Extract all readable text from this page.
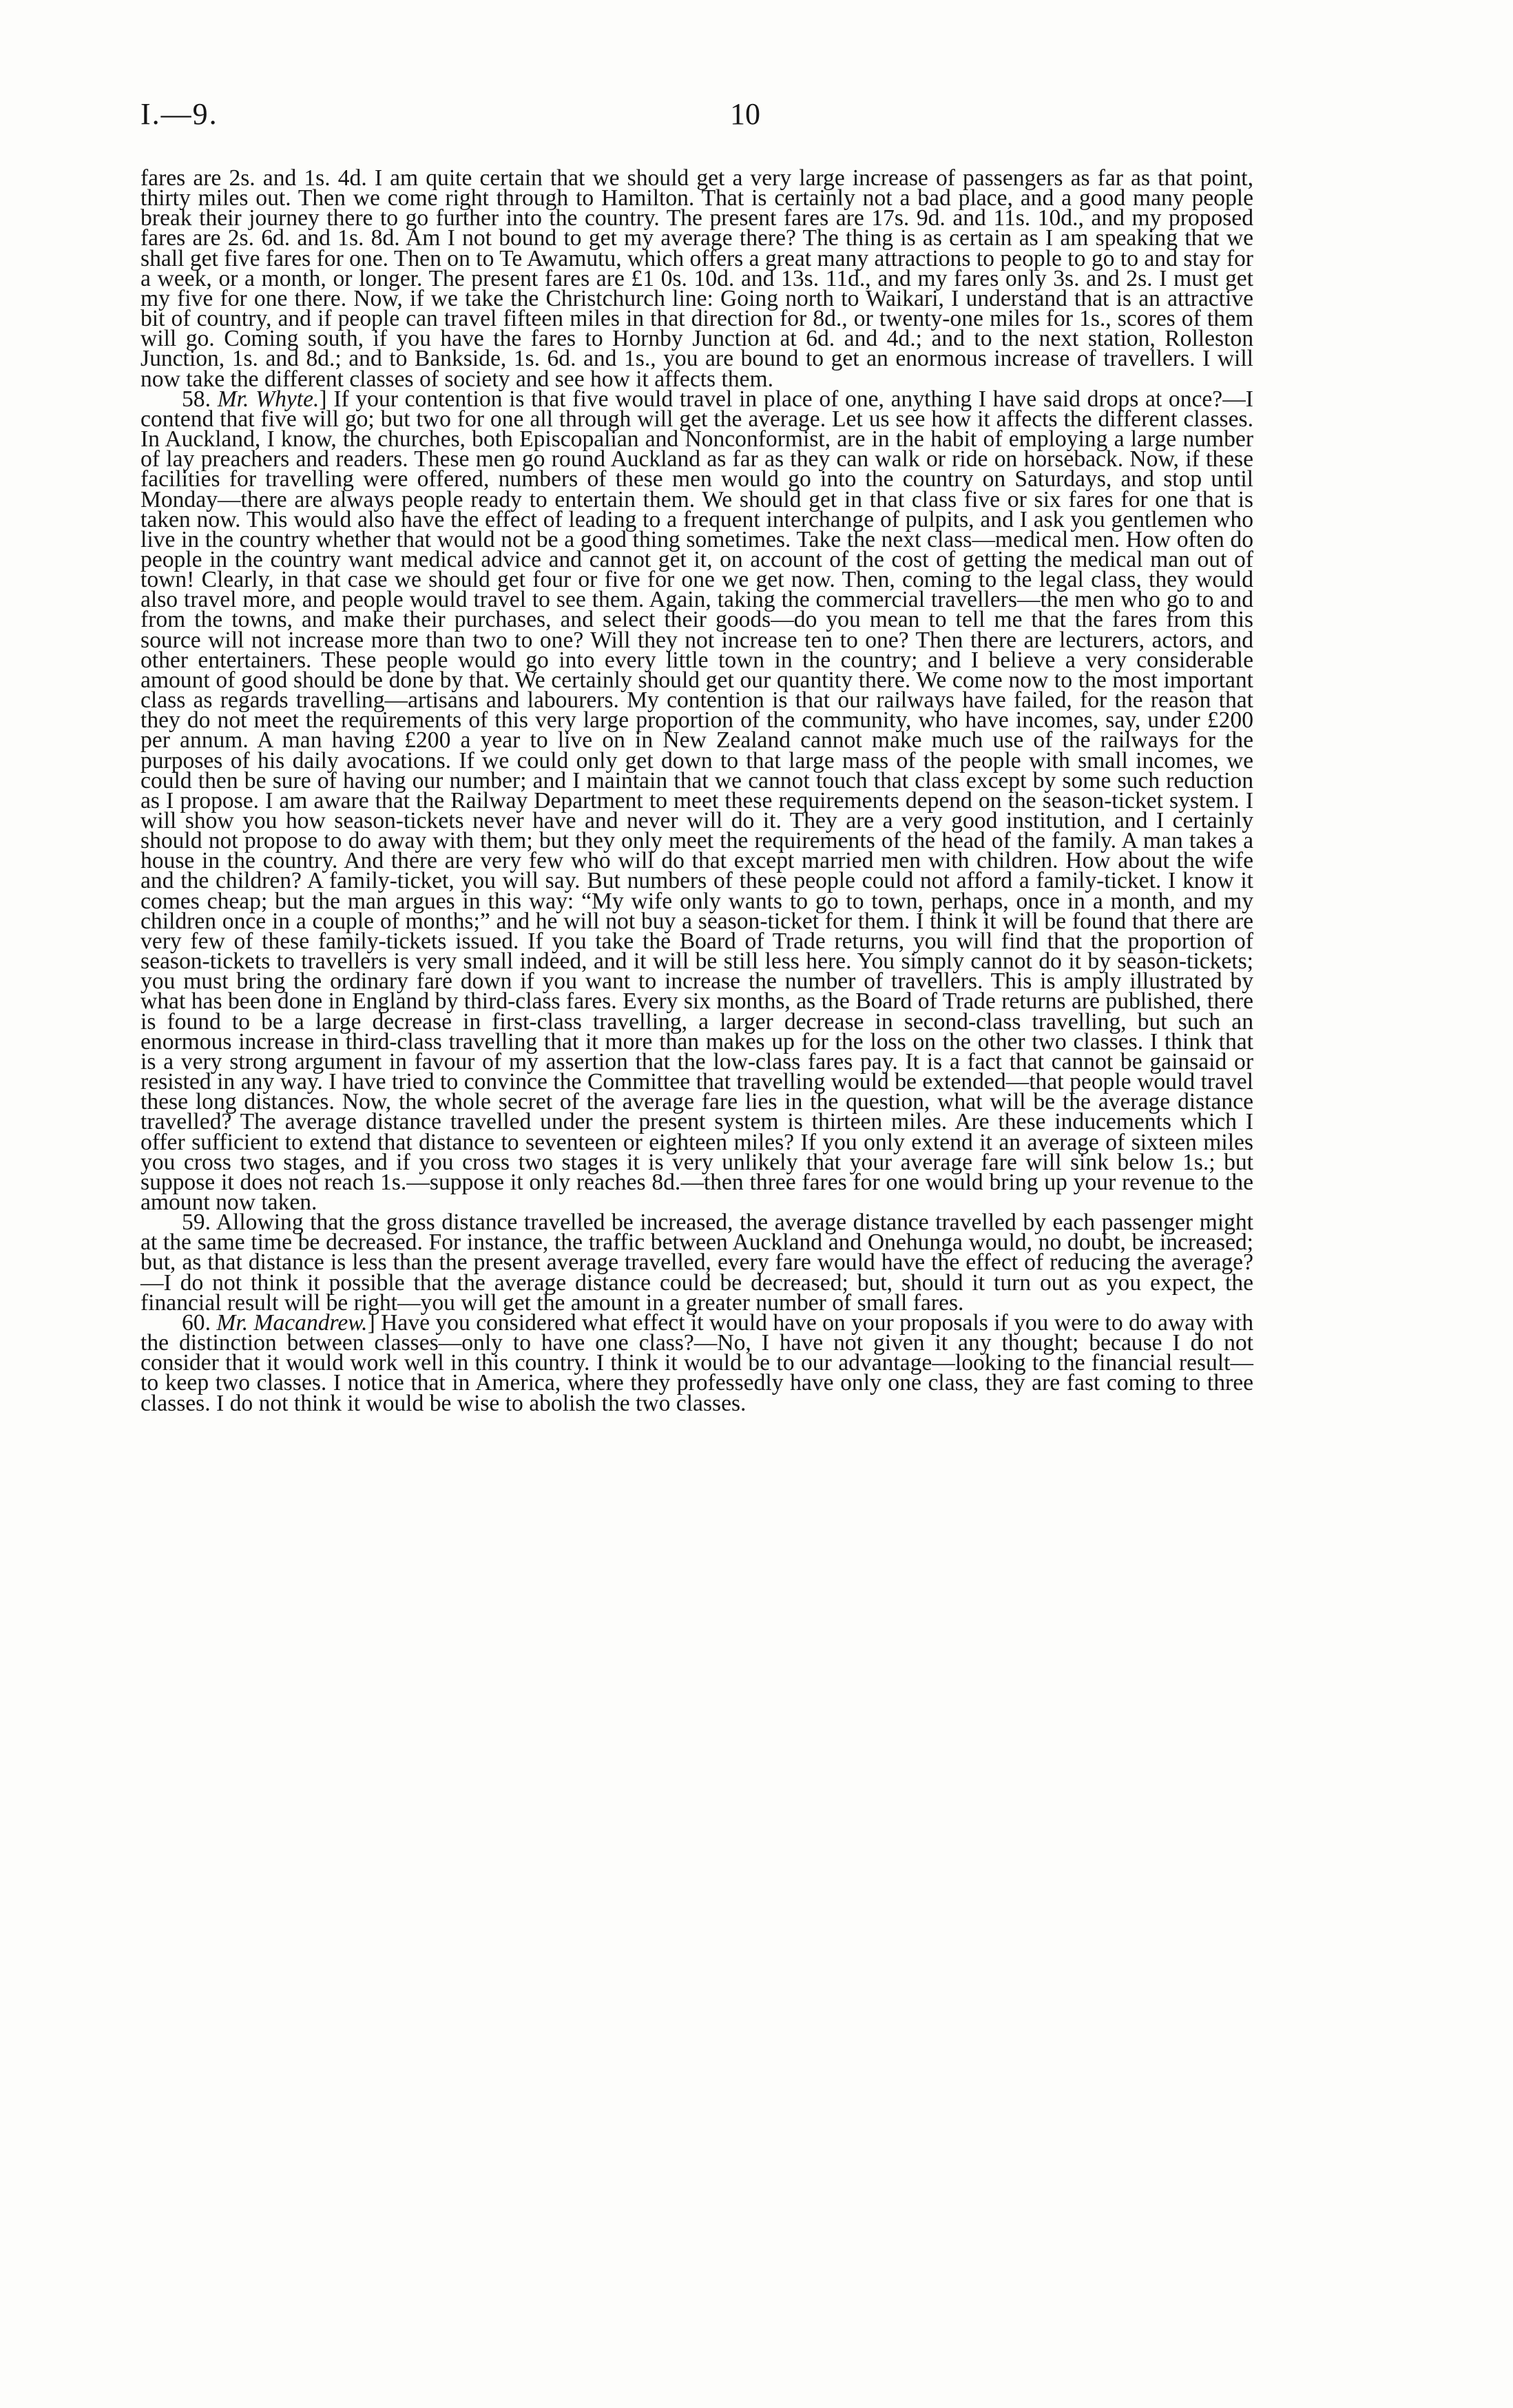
I.—9.	10

fares are 2s. and 1s. 4d. I am quite certain that we should get a very large increase of passengers as far as that point, thirty miles out. Then we come right through to Hamilton. That is certainly not a bad place, and a good many people break their journey there to go further into the country. The present fares are 17s. 9d. and 11s. 10d., and my proposed fares are 2s. 6d. and 1s. 8d. Am I not bound to get my average there? The thing is as certain as I am speaking that we shall get five fares for one. Then on to Te Awamutu, which offers a great many attractions to people to go to and stay for a week, or a month, or longer. The present fares are £1 0s. 10d. and 13s. 11d., and my fares only 3s. and 2s. I must get my five for one there. Now, if we take the Christchurch line: Going north to Waikari, I understand that is an attractive bit of country, and if people can travel fifteen miles in that direction for 8d., or twenty-one miles for 1s., scores of them will go. Coming south, if you have the fares to Hornby Junction at 6d. and 4d.; and to the next station, Rolleston Junction, 1s. and 8d.; and to Bankside, 1s. 6d. and 1s., you are bound to get an enormous increase of travellers. I will now take the different classes of society and see how it affects them.

58. Mr. Whyte.] If your contention is that five would travel in place of one, anything I have said drops at once?—I contend that five will go; but two for one all through will get the average. Let us see how it affects the different classes. In Auckland, I know, the churches, both Episcopalian and Nonconformist, are in the habit of employing a large number of lay preachers and readers. These men go round Auckland as far as they can walk or ride on horseback. Now, if these facilities for travelling were offered, numbers of these men would go into the country on Saturdays, and stop until Monday—there are always people ready to entertain them. We should get in that class five or six fares for one that is taken now. This would also have the effect of leading to a frequent interchange of pulpits, and I ask you gentlemen who live in the country whether that would not be a good thing sometimes. Take the next class—medical men. How often do people in the country want medical advice and cannot get it, on account of the cost of getting the medical man out of town! Clearly, in that case we should get four or five for one we get now. Then, coming to the legal class, they would also travel more, and people would travel to see them. Again, taking the commercial travellers—the men who go to and from the towns, and make their purchases, and select their goods—do you mean to tell me that the fares from this source will not increase more than two to one? Will they not increase ten to one? Then there are lecturers, actors, and other entertainers. These people would go into every little town in the country; and I believe a very considerable amount of good should be done by that. We certainly should get our quantity there. We come now to the most important class as regards travelling—artisans and labourers. My contention is that our railways have failed, for the reason that they do not meet the requirements of this very large proportion of the community, who have incomes, say, under £200 per annum. A man having £200 a year to live on in New Zealand cannot make much use of the railways for the purposes of his daily avocations. If we could only get down to that large mass of the people with small incomes, we could then be sure of having our number; and I maintain that we cannot touch that class except by some such reduction as I propose. I am aware that the Railway Department to meet these requirements depend on the season-ticket system. I will show you how season-tickets never have and never will do it. They are a very good institution, and I certainly should not propose to do away with them; but they only meet the requirements of the head of the family. A man takes a house in the country. And there are very few who will do that except married men with children. How about the wife and the children? A family-ticket, you will say. But numbers of these people could not afford a family-ticket. I know it comes cheap; but the man argues in this way: “My wife only wants to go to town, perhaps, once in a month, and my children once in a couple of months;” and he will not buy a season-ticket for them. I think it will be found that there are very few of these family-tickets issued. If you take the Board of Trade returns, you will find that the proportion of season-tickets to travellers is very small indeed, and it will be still less here. You simply cannot do it by season-tickets; you must bring the ordinary fare down if you want to increase the number of travellers. This is amply illustrated by what has been done in England by third-class fares. Every six months, as the Board of Trade returns are published, there is found to be a large decrease in first-class travelling, a larger decrease in second-class travelling, but such an enormous increase in third-class travelling that it more than makes up for the loss on the other two classes. I think that is a very strong argument in favour of my assertion that the low-class fares pay. It is a fact that cannot be gainsaid or resisted in any way. I have tried to convince the Committee that travelling would be extended—that people would travel these long distances. Now, the whole secret of the average fare lies in the question, what will be the average distance travelled? The average distance travelled under the present system is thirteen miles. Are these inducements which I offer sufficient to extend that distance to seventeen or eighteen miles? If you only extend it an average of sixteen miles you cross two stages, and if you cross two stages it is very unlikely that your average fare will sink below 1s.; but suppose it does not reach 1s.—suppose it only reaches 8d.—then three fares for one would bring up your revenue to the amount now taken.

59. Allowing that the gross distance travelled be increased, the average distance travelled by each passenger might at the same time be decreased. For instance, the traffic between Auckland and Onehunga would, no doubt, be increased; but, as that distance is less than the present average travelled, every fare would have the effect of reducing the average?—I do not think it possible that the average distance could be decreased; but, should it turn out as you expect, the financial result will be right—you will get the amount in a greater number of small fares.

60. Mr. Macandrew.] Have you considered what effect it would have on your proposals if you were to do away with the distinction between classes—only to have one class?—No, I have not given it any thought; because I do not consider that it would work well in this country. I think it would be to our advantage—looking to the financial result—to keep two classes. I notice that in America, where they professedly have only one class, they are fast coming to three classes. I do not think it would be wise to abolish the two classes.
